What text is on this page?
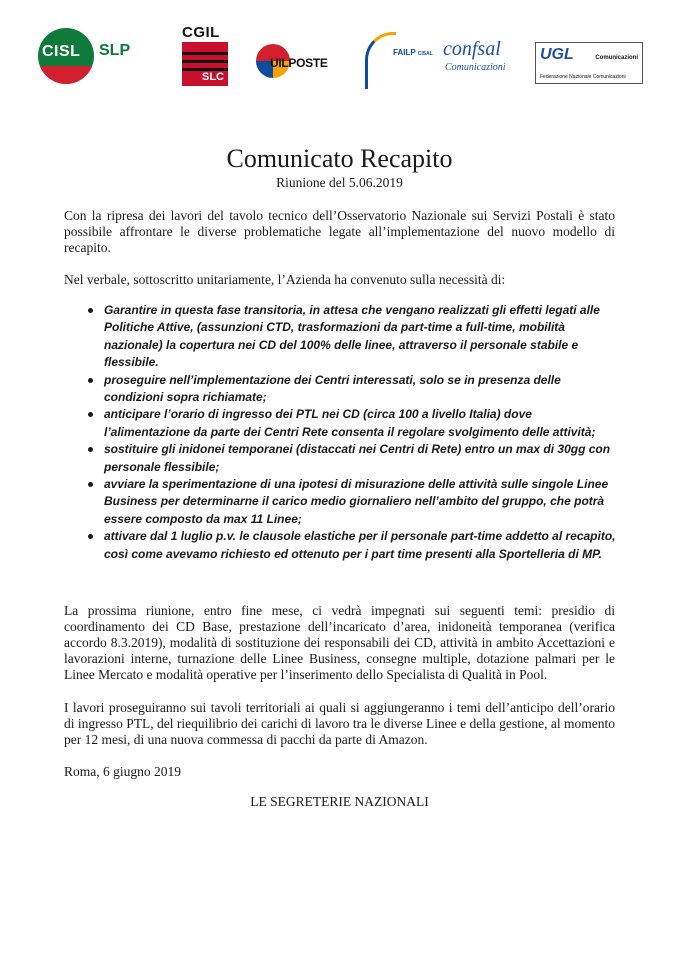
CISL SLP
CGIL
SLC
UILPOSTE
FAILP CISAL confsal
Comunicazioni
UGL	Comunicazioni
Federazione Nazionale Comunicazioni
Comunicato Recapito
Riunione del 5.06.2019

Con la ripresa dei lavori del tavolo tecnico dell’Osservatorio Nazionale sui Servizi Postali è stato possibile affrontare le diverse problematiche legate all’implementazione del nuovo modello di recapito.

Nel verbale, sottoscritto unitariamente, l’Azienda ha convenuto sulla necessità di:

Garantire in questa fase transitoria, in attesa che vengano realizzati gli effetti legati alle Politiche Attive, (assunzioni CTD, trasformazioni da part-time a full-time, mobilità nazionale) la copertura nei CD del 100% delle linee, attraverso il personale stabile e flessibile.
proseguire nell’implementazione dei Centri interessati, solo se in presenza delle condizioni sopra richiamate;
anticipare l’orario di ingresso dei PTL nei CD (circa 100 a livello Italia) dove l’alimentazione da parte dei Centri Rete consenta il regolare svolgimento delle attività;
sostituire gli inidonei temporanei (distaccati nei Centri di Rete) entro un max di 30gg con personale flessibile;
avviare la sperimentazione di una ipotesi di misurazione delle attività sulle singole Linee Business per determinarne il carico medio giornaliero nell’ambito del gruppo, che potrà essere composto da max 11 Linee;
attivare dal 1 luglio p.v. le clausole elastiche per il personale part-time addetto al recapito, così come avevamo richiesto ed ottenuto per i part time presenti alla Sportelleria di MP.

La prossima riunione, entro fine mese, ci vedrà impegnati sui seguenti temi: presidio di coordinamento dei CD Base, prestazione dell’incaricato d’area, inidoneità temporanea (verifica accordo 8.3.2019), modalità di sostituzione dei responsabili dei CD, attività in ambito Accettazioni e lavorazioni interne, turnazione delle Linee Business, consegne multiple, dotazione palmari per le Linee Mercato e modalità operative per l’inserimento dello Specialista di Qualità in Pool.

I lavori proseguiranno sui tavoli territoriali ai quali si aggiungeranno i temi dell’anticipo dell’orario di ingresso PTL, del riequilibrio dei carichi di lavoro tra le diverse Linee e della gestione, al momento per 12 mesi, di una nuova commessa di pacchi da parte di Amazon.

Roma, 6 giugno 2019
LE SEGRETERIE NAZIONALI
